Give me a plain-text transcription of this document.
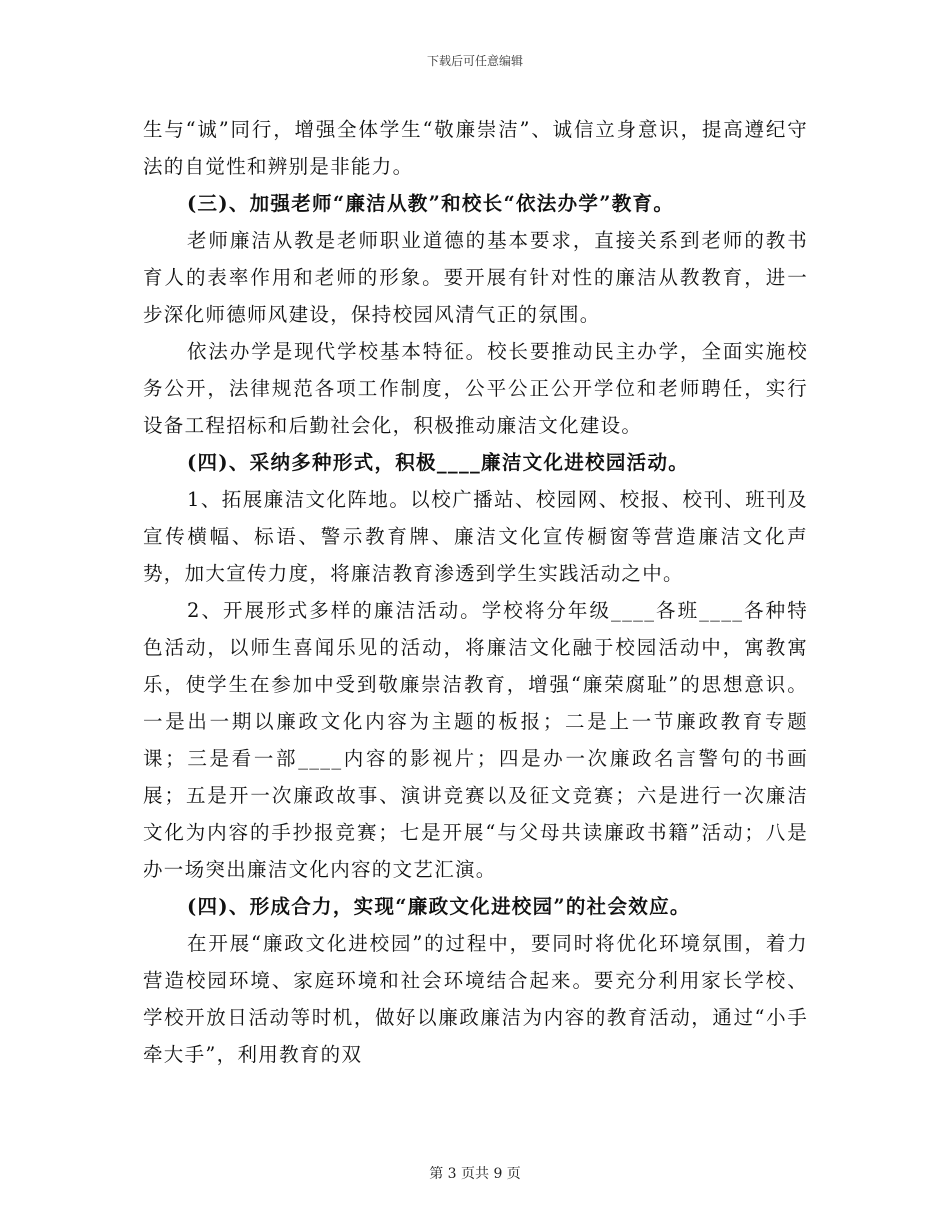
下载后可任意编辑

生与“诚”同行，增强全体学生“敬廉崇洁”、诚信立身意识，提高遵纪守法的自觉性和辨别是非能力。

(三)、加强老师“廉洁从教”和校长“依法办学”教育。

老师廉洁从教是老师职业道德的基本要求，直接关系到老师的教书育人的表率作用和老师的形象。要开展有针对性的廉洁从教教育，进一步深化师德师风建设，保持校园风清气正的氛围。

依法办学是现代学校基本特征。校长要推动民主办学，全面实施校务公开，法律规范各项工作制度，公平公正公开学位和老师聘任，实行设备工程招标和后勤社会化，积极推动廉洁文化建设。

(四)、采纳多种形式，积极____廉洁文化进校园活动。

1、拓展廉洁文化阵地。以校广播站、校园网、校报、校刊、班刊及宣传横幅、标语、警示教育牌、廉洁文化宣传橱窗等营造廉洁文化声势，加大宣传力度，将廉洁教育渗透到学生实践活动之中。

2、开展形式多样的廉洁活动。学校将分年级____各班____各种特色活动，以师生喜闻乐见的活动，将廉洁文化融于校园活动中，寓教寓乐，使学生在参加中受到敬廉崇洁教育，增强“廉荣腐耻”的思想意识。一是出一期以廉政文化内容为主题的板报；二是上一节廉政教育专题课；三是看一部____内容的影视片；四是办一次廉政名言警句的书画展；五是开一次廉政故事、演讲竞赛以及征文竞赛；六是进行一次廉洁文化为内容的手抄报竞赛；七是开展“与父母共读廉政书籍”活动；八是办一场突出廉洁文化内容的文艺汇演。

(四)、形成合力，实现“廉政文化进校园”的社会效应。

在开展“廉政文化进校园”的过程中，要同时将优化环境氛围，着力营造校园环境、家庭环境和社会环境结合起来。要充分利用家长学校、学校开放日活动等时机，做好以廉政廉洁为内容的教育活动，通过“小手牵大手”，利用教育的双

第 3 页共 9 页
